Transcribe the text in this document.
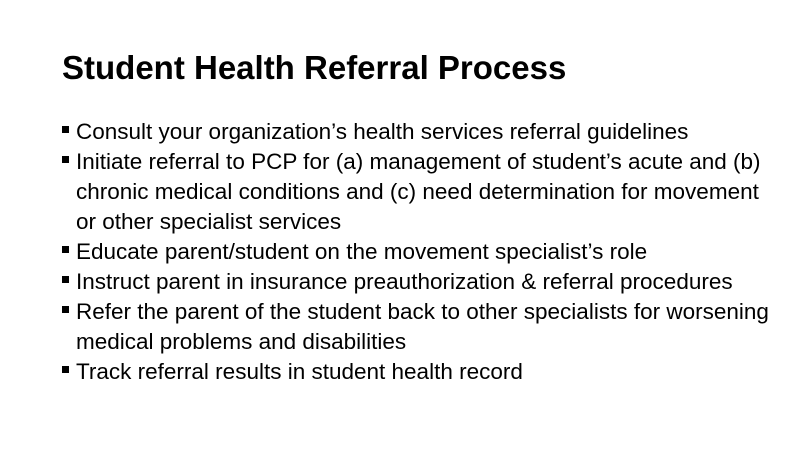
Student Health Referral Process
Consult your organization’s health services referral guidelines
Initiate referral to PCP for (a) management of student’s acute and (b) chronic medical conditions and (c) need determination for movement or other specialist services
Educate parent/student on the movement specialist’s role
Instruct parent in insurance preauthorization & referral procedures
Refer the parent of the student back to other specialists for worsening medical problems and disabilities
Track referral results in student health record
